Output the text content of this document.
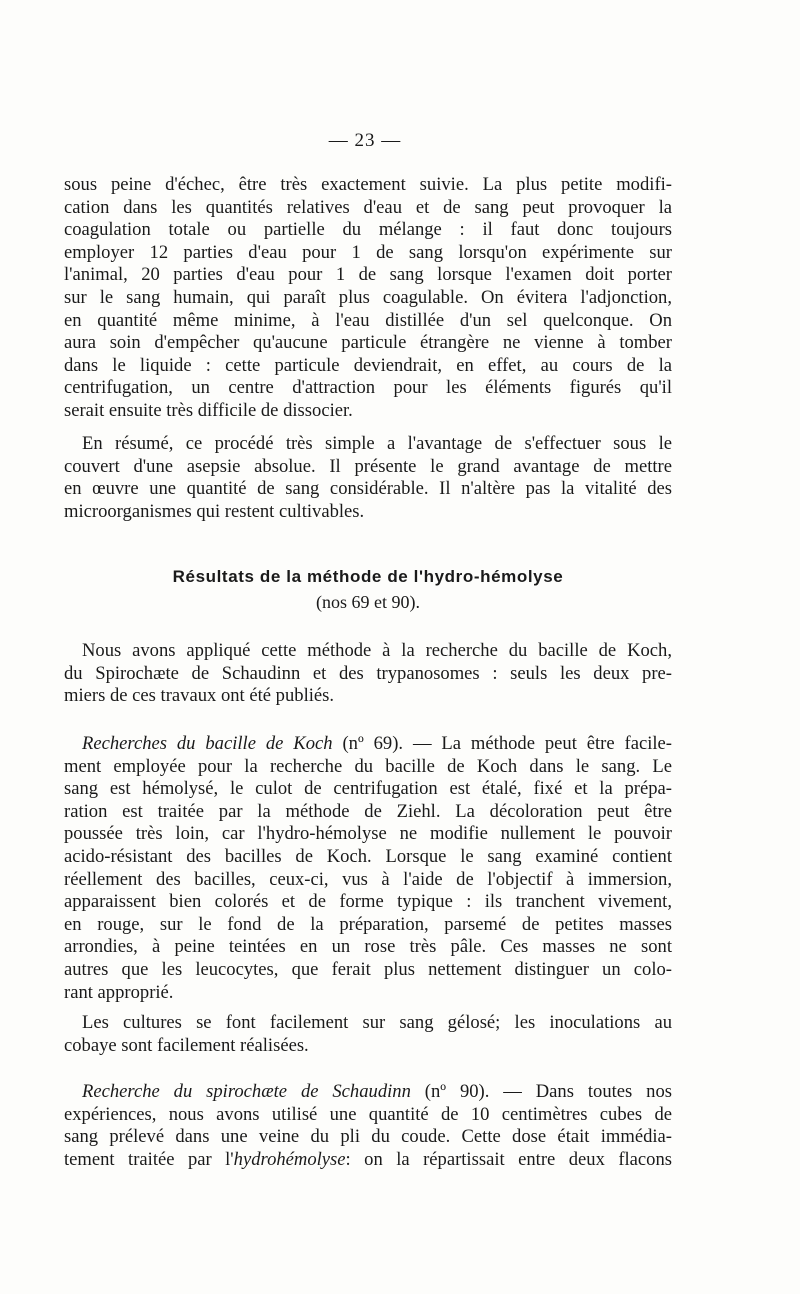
— 23 —

sous peine d'échec, être très exactement suivie. La plus petite modifi-

cation dans les quantités relatives d'eau et de sang peut provoquer la

coagulation totale ou partielle du mélange : il faut donc toujours

employer 12 parties d'eau pour 1 de sang lorsqu'on expérimente sur

l'animal, 20 parties d'eau pour 1 de sang lorsque l'examen doit porter

sur le sang humain, qui paraît plus coagulable. On évitera l'adjonction,

en quantité même minime, à l'eau distillée d'un sel quelconque. On

aura soin d'empêcher qu'aucune particule étrangère ne vienne à tomber

dans le liquide : cette particule deviendrait, en effet, au cours de la

centrifugation, un centre d'attraction pour les éléments figurés qu'il

serait ensuite très difficile de dissocier.

En résumé, ce procédé très simple a l'avantage de s'effectuer sous le

couvert d'une asepsie absolue. Il présente le grand avantage de mettre

en œuvre une quantité de sang considérable. Il n'altère pas la vitalité des

microorganismes qui restent cultivables.

Résultats de la méthode de l'hydro-hémolyse
(nos 69 et 90).

Nous avons appliqué cette méthode à la recherche du bacille de Koch,

du Spirochæte de Schaudinn et des trypanosomes : seuls les deux pre-

miers de ces travaux ont été publiés.

Recherches du bacille de Koch (nº 69). — La méthode peut être facile-

ment employée pour la recherche du bacille de Koch dans le sang. Le

sang est hémolysé, le culot de centrifugation est étalé, fixé et la prépa-

ration est traitée par la méthode de Ziehl. La décoloration peut être

poussée très loin, car l'hydro-hémolyse ne modifie nullement le pouvoir

acido-résistant des bacilles de Koch. Lorsque le sang examiné contient

réellement des bacilles, ceux-ci, vus à l'aide de l'objectif à immersion,

apparaissent bien colorés et de forme typique : ils tranchent vivement,

en rouge, sur le fond de la préparation, parsemé de petites masses

arrondies, à peine teintées en un rose très pâle. Ces masses ne sont

autres que les leucocytes, que ferait plus nettement distinguer un colo-

rant approprié.

Les cultures se font facilement sur sang gélosé; les inoculations au

cobaye sont facilement réalisées.

Recherche du spirochæte de Schaudinn (nº 90). — Dans toutes nos

expériences, nous avons utilisé une quantité de 10 centimètres cubes de

sang prélevé dans une veine du pli du coude. Cette dose était immédia-

tement traitée par l'hydrohémolyse: on la répartissait entre deux flacons
